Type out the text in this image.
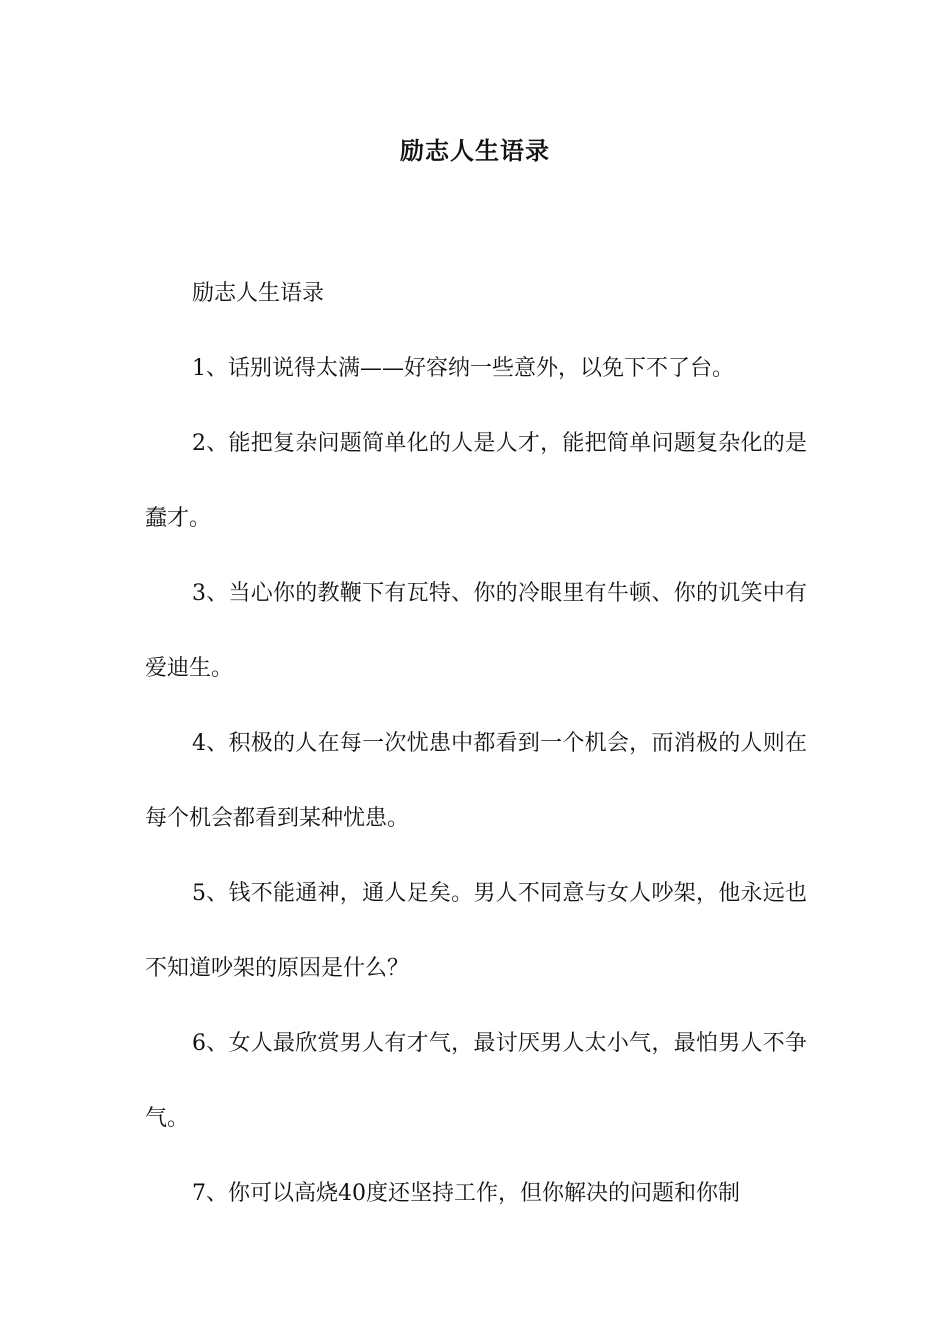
励志人生语录

励志人生语录

1、话别说得太满——好容纳一些意外，以免下不了台。

2、能把复杂问题简单化的人是人才，能把简单问题复杂化的是蠢才。

3、当心你的教鞭下有瓦特、你的冷眼里有牛顿、你的讥笑中有爱迪生。

4、积极的人在每一次忧患中都看到一个机会，而消极的人则在每个机会都看到某种忧患。

5、钱不能通神，通人足矣。男人不同意与女人吵架，他永远也不知道吵架的原因是什么？

6、女人最欣赏男人有才气，最讨厌男人太小气，最怕男人不争气。

7、你可以高烧40度还坚持工作，但你解决的问题和你制
